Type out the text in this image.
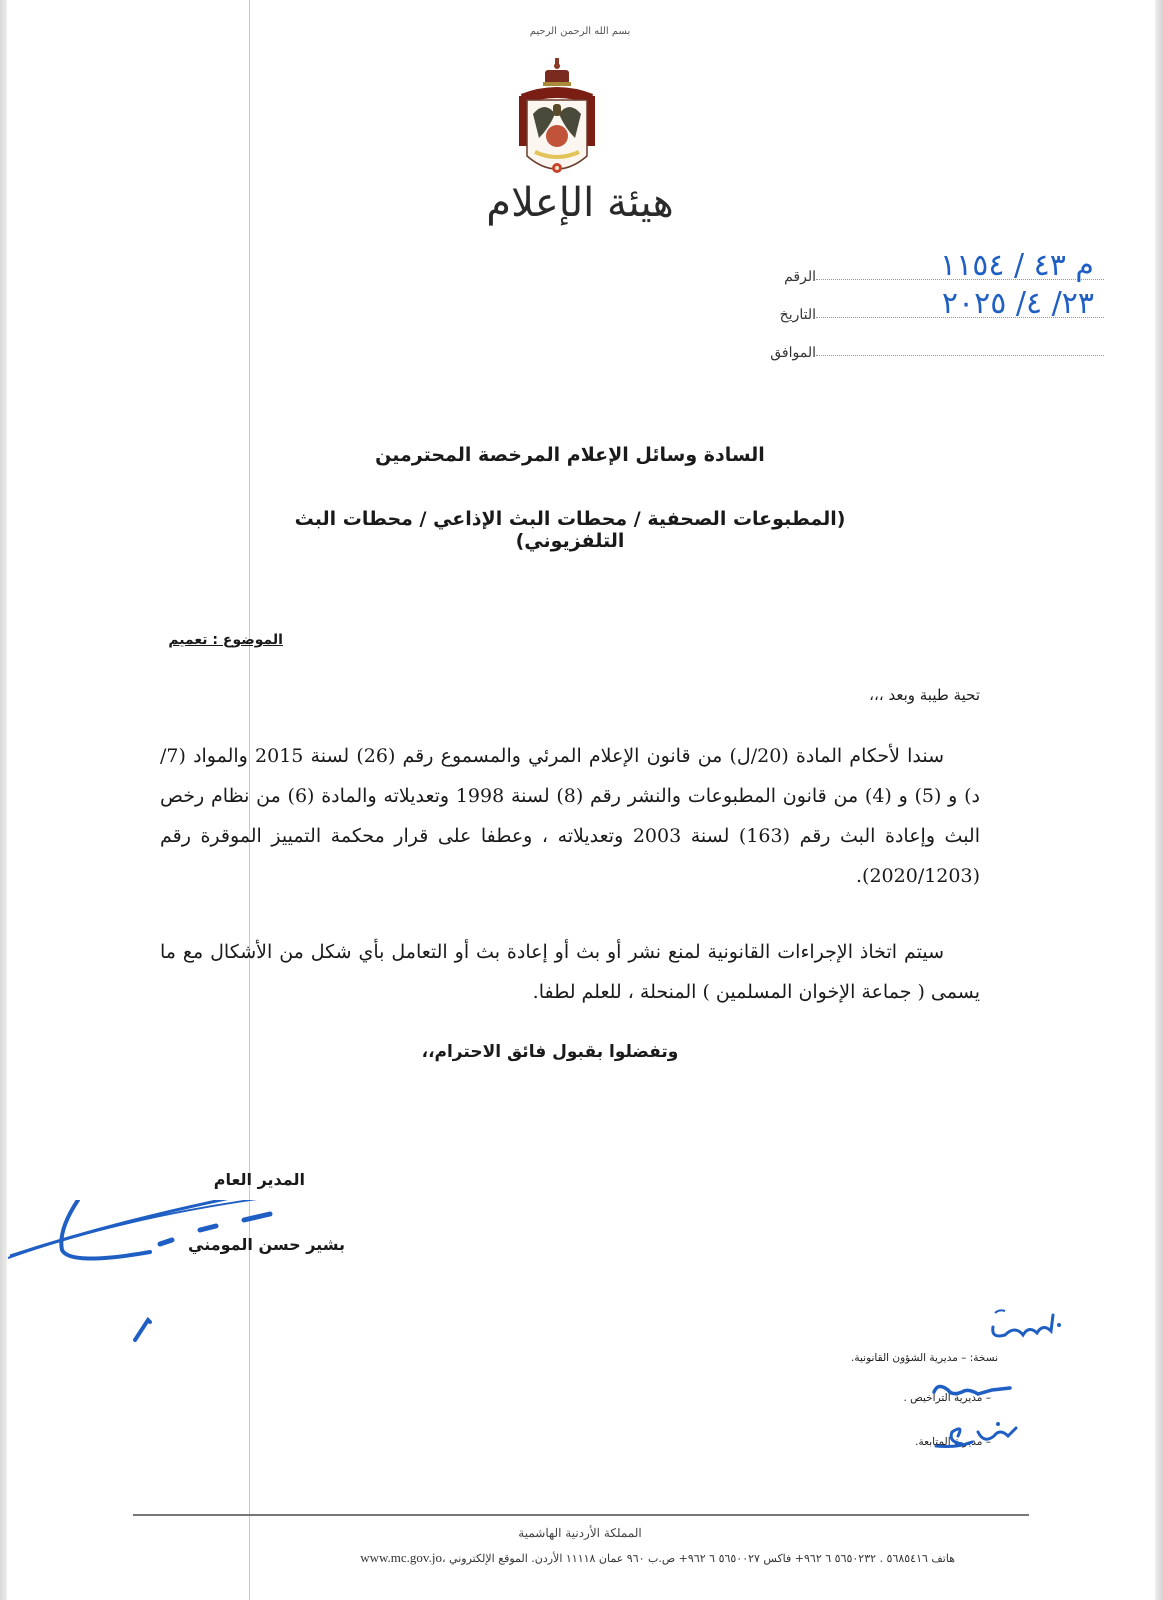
بسم الله الرحمن الرحيم
هيئة الإعلام
الرقم	م ٤٣ / ١١٥٤
التاريخ	٢٣/ ٤/ ٢٠٢٥
الموافق
السادة وسائل الإعلام المرخصة المحترمين
(المطبوعات الصحفية / محطات البث الإذاعي / محطات البث التلفزيوني)
الموضوع : تعميم
تحية طيبة وبعد ،،،

سندا لأحكام المادة (20/ل) من قانون الإعلام المرئي والمسموع رقم (26) لسنة 2015 والمواد (7/ د) و (5) و (4) من قانون المطبوعات والنشر رقم (8) لسنة 1998 وتعديلاته والمادة (6) من نظام رخص البث وإعادة البث رقم (163) لسنة 2003 وتعديلاته ، وعطفا على قرار محكمة التمييز الموقرة رقم (2020/1203).

سيتم اتخاذ الإجراءات القانونية لمنع نشر أو بث أو إعادة بث أو التعامل بأي شكل من الأشكال مع ما يسمى ( جماعة الإخوان المسلمين ) المنحلة ، للعلم لطفا.

وتفضلوا بقبول فائق الاحترام،،
المدير العام
بشير حسن المومني
نسخة: – مديرية الشؤون القانونية.
– مديرية التراخيص .
– مديرية المتابعة.
المملكة الأردنية الهاشمية
www.mc.gov.jo، هاتف ٥٦٨٥٤١٦ . ٥٦٥٠٢٣٢ ٦ ٩٦٢+ فاكس ٥٦٥٠٠٢٧ ٦ ٩٦٢+ ص.ب ٩٦٠ عمان ١١١١٨ الأردن. الموقع الإلكتروني
